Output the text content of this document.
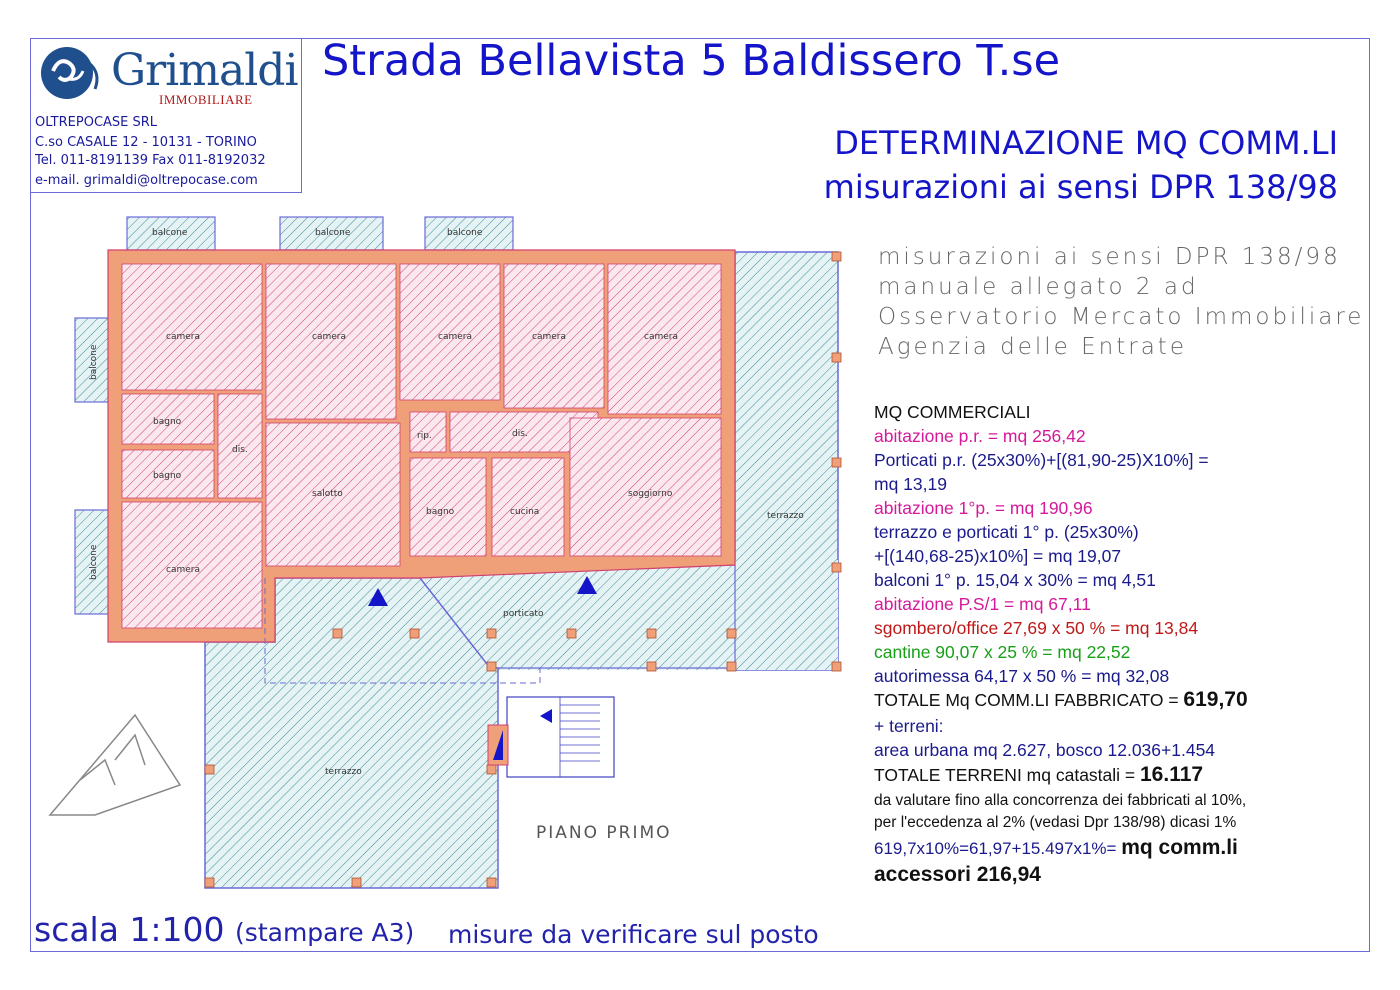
Grimaldi
IMMOBILIARE
OLTREPOCASE SRL
C.so CASALE 12 - 10131 - TORINO
Tel. 011-8191139 Fax 011-8192032
e-mail. grimaldi@oltrepocase.com
Strada Bellavista 5 Baldissero T.se
DETERMINAZIONE MQ COMM.LI
misurazioni ai sensi DPR 138/98
misurazioni ai sensi DPR 138/98
manuale allegato 2 ad
Osservatorio Mercato Immobiliare
Agenzia delle Entrate
MQ COMMERCIALI
abitazione p.r. = mq 256,42
Porticati p.r. (25x30%)+[(81,90-25)X10%] =
mq 13,19
abitazione 1°p. = mq 190,96
terrazzo e porticati 1° p. (25x30%)
+[(140,68-25)x10%] = mq 19,07
balconi 1° p. 15,04 x 30% = mq 4,51
abitazione P.S/1 = mq 67,11
sgombero/office 27,69 x 50 % = mq 13,84
cantine 90,07 x 25 % = mq 22,52
autorimessa 64,17 x 50 % = mq 32,08
TOTALE Mq COMM.LI FABBRICATO = 619,70
+ terreni:
area urbana mq 2.627, bosco 12.036+1.454
TOTALE TERRENI mq catastali = 16.117
da valutare fino alla concorrenza dei fabbricati al 10%,
per l'eccedenza al 2% (vedasi Dpr 138/98) dicasi 1%
619,7x10%=61,97+15.497x1%= mq comm.li
accessori 216,94
scala 1:100 (stampare A3) misure da verificare sul posto
balcone	balcone	balcone
balcone
balcone
camera	camera	camera	camera	camera
camera
bagno
bagno
bagno
dis.
dis.
rip.
salotto
cucina
soggiorno
terrazzo
porticato
terrazzo
PIANO PRIMO
